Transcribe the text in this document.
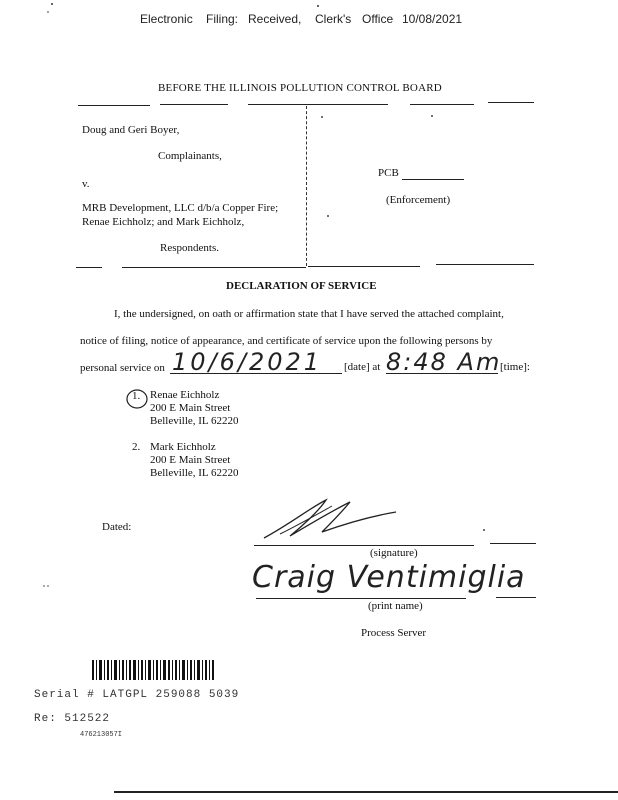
Electronic Filing: Received, Clerk's Office 10/08/2021
BEFORE THE ILLINOIS POLLUTION CONTROL BOARD
Doug and Geri Boyer,
Complainants,
v.
MRB Development, LLC d/b/a Copper Fire;
Renae Eichholz; and Mark Eichholz,
Respondents.
PCB
(Enforcement)
DECLARATION OF SERVICE
I, the undersigned, on oath or affirmation state that I have served the attached complaint,
notice of filing, notice of appearance, and certificate of service upon the following persons by
personal service on 10/6/2021 [date] at 8:48 Am
[time]:
1. Renae Eichholz
200 E Main Street
Belleville, IL 62220
2. Mark Eichholz
200 E Main Street
Belleville, IL 62220
Dated:
(signature)
Craig Ventimiglia
(print name)
Process Server
Serial # LATGPL 259088 5039
Re: 512522
476213057I
